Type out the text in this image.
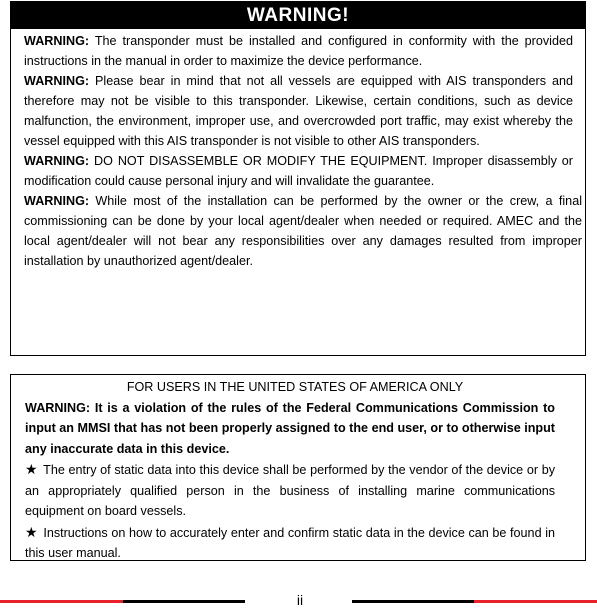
WARNING!

WARNING: The transponder must be installed and configured in conformity with the provided instructions in the manual in order to maximize the device performance.

WARNING: Please bear in mind that not all vessels are equipped with AIS transponders and therefore may not be visible to this transponder. Likewise, certain conditions, such as device malfunction, the environment, improper use, and overcrowded port traffic, may exist whereby the vessel equipped with this AIS transponder is not visible to other AIS transponders.

WARNING: DO NOT DISASSEMBLE OR MODIFY THE EQUIPMENT. Improper disassembly or modification could cause personal injury and will invalidate the guarantee.

WARNING: While most of the installation can be performed by the owner or the crew, a final commissioning can be done by your local agent/dealer when needed or required. AMEC and the local agent/dealer will not bear any responsibilities over any damages resulted from improper installation by unauthorized agent/dealer.

FOR USERS IN THE UNITED STATES OF AMERICA ONLY

WARNING: It is a violation of the rules of the Federal Communications Commission to input an MMSI that has not been properly assigned to the end user, or to otherwise input any inaccurate data in this device.

★ The entry of static data into this device shall be performed by the vendor of the device or by an appropriately qualified person in the business of installing marine communications equipment on board vessels.

★ Instructions on how to accurately enter and confirm static data in the device can be found in this user manual.

ii
